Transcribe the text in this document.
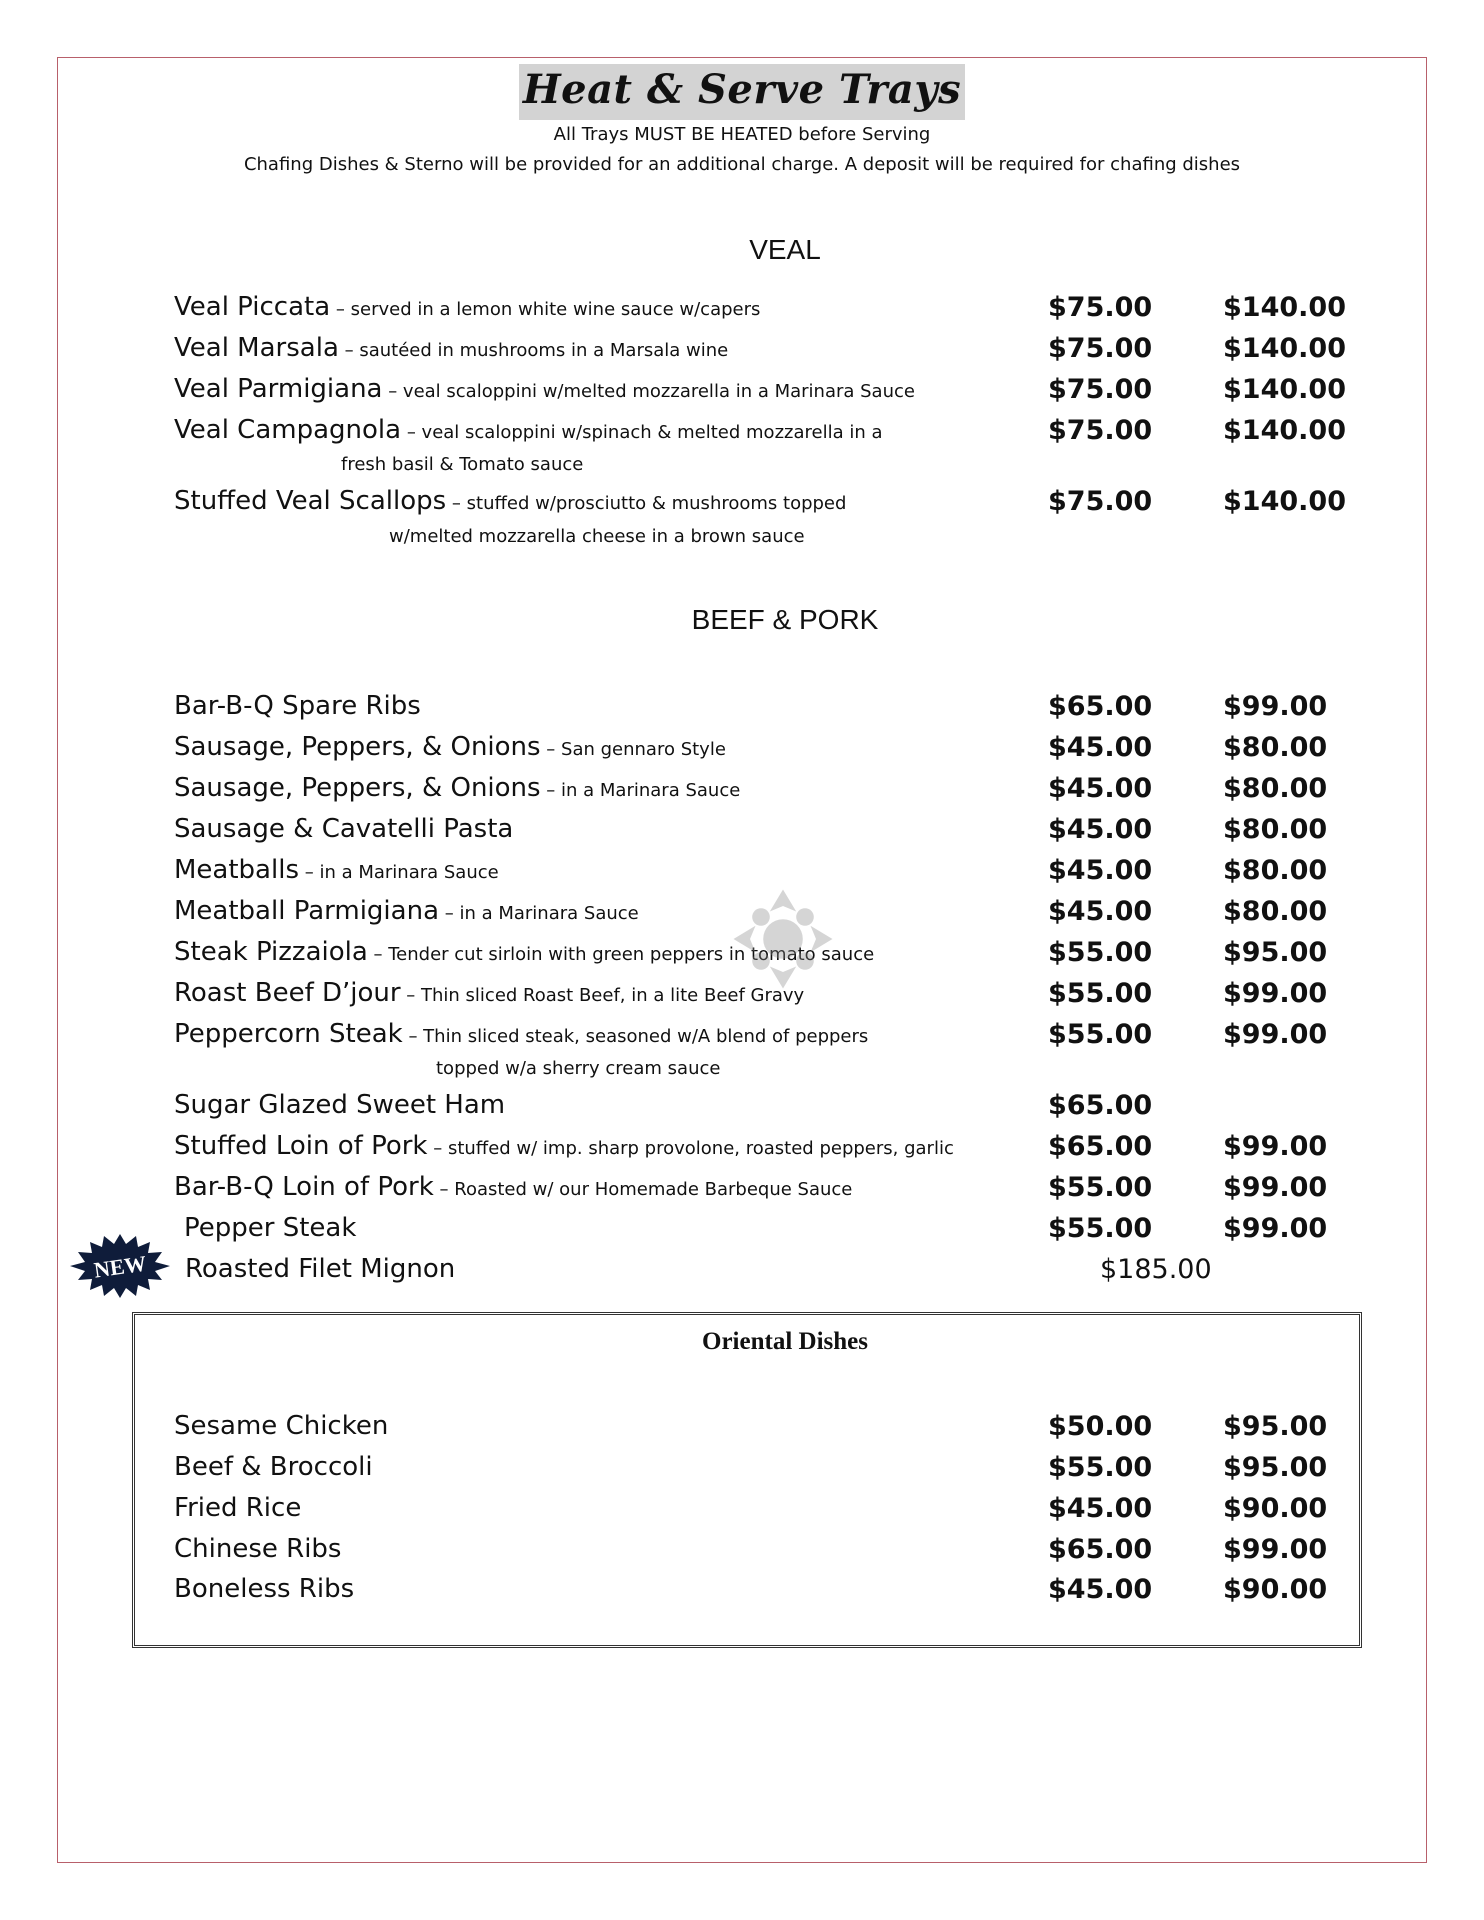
Heat & Serve Trays
All Trays MUST BE HEATED before Serving
Chafing Dishes & Sterno will be provided for an additional charge. A deposit will be required for chafing dishes
VEAL
Veal Piccata – served in a lemon white wine sauce w/capers	$75.00	$140.00
Veal Marsala – sautéed in mushrooms in a Marsala wine	$75.00	$140.00
Veal Parmigiana – veal scaloppini w/melted mozzarella in a Marinara Sauce	$75.00	$140.00
Veal Campagnola – veal scaloppini w/spinach & melted mozzarella in a	$75.00	$140.00
fresh basil & Tomato sauce
Stuffed Veal Scallops – stuffed w/prosciutto & mushrooms topped	$75.00	$140.00
w/melted mozzarella cheese in a brown sauce
BEEF & PORK
Bar-B-Q Spare Ribs	$65.00	$99.00
Sausage, Peppers, & Onions – San gennaro Style	$45.00	$80.00
Sausage, Peppers, & Onions – in a Marinara Sauce	$45.00	$80.00
Sausage & Cavatelli Pasta	$45.00	$80.00
Meatballs – in a Marinara Sauce	$45.00	$80.00
Meatball Parmigiana – in a Marinara Sauce	$45.00	$80.00
Steak Pizzaiola – Tender cut sirloin with green peppers in tomato sauce	$55.00	$95.00
Roast Beef D’jour – Thin sliced Roast Beef, in a lite Beef Gravy	$55.00	$99.00
Peppercorn Steak – Thin sliced steak, seasoned w/A blend of peppers	$55.00	$99.00
topped w/a sherry cream sauce
Sugar Glazed Sweet Ham	$65.00
Stuffed Loin of Pork – stuffed w/ imp. sharp provolone, roasted peppers, garlic	$65.00	$99.00
Bar-B-Q Loin of Pork – Roasted w/ our Homemade Barbeque Sauce	$55.00	$99.00
Pepper Steak	$55.00	$99.00
Roasted Filet Mignon	$185.00
NEW
Oriental Dishes
Sesame Chicken	$50.00	$95.00
Beef & Broccoli	$55.00	$95.00
Fried Rice	$45.00	$90.00
Chinese Ribs	$65.00	$99.00
Boneless Ribs	$45.00	$90.00
